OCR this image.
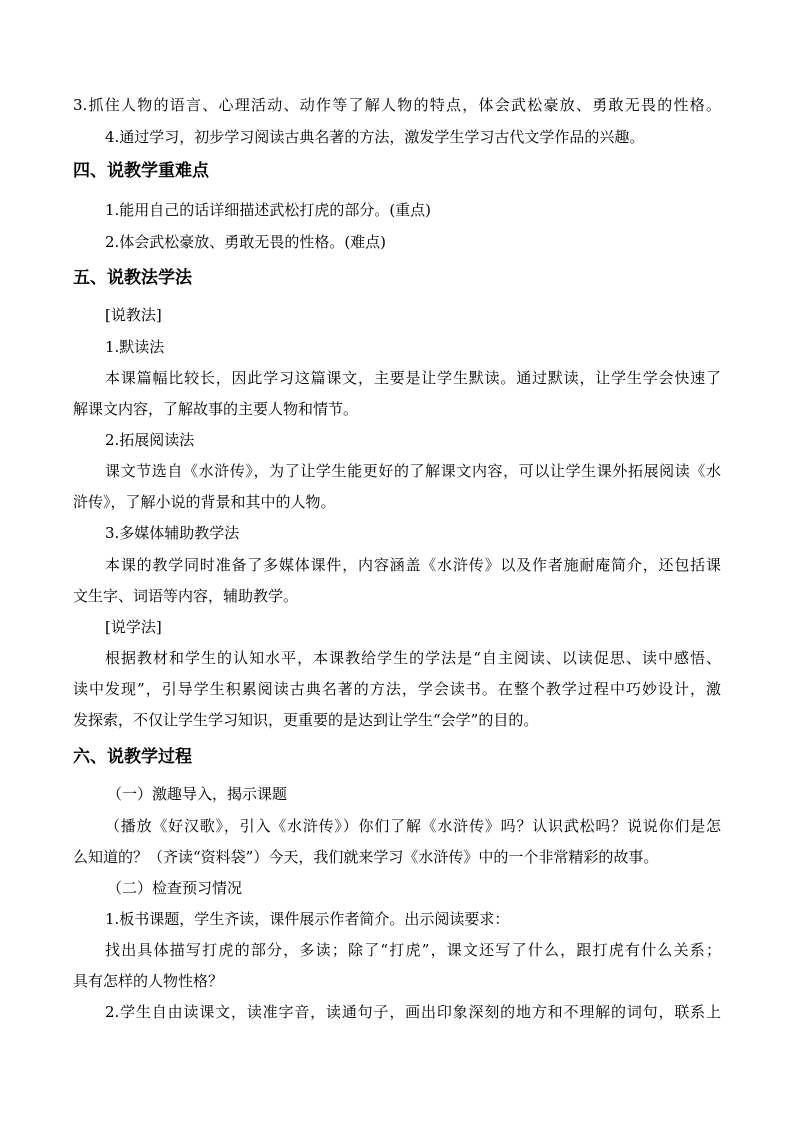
3.抓住人物的语言、心理活动、动作等了解人物的特点，体会武松豪放、勇敢无畏的性格。
4.通过学习，初步学习阅读古典名著的方法，激发学生学习古代文学作品的兴趣。
四、说教学重难点
1.能用自己的话详细描述武松打虎的部分。(重点)
2.体会武松豪放、勇敢无畏的性格。(难点)
五、说教法学法
[说教法]
1.默读法
本课篇幅比较长，因此学习这篇课文，主要是让学生默读。通过默读，让学生学会快速了
解课文内容，了解故事的主要人物和情节。
2.拓展阅读法
课文节选自《水浒传》，为了让学生能更好的了解课文内容，可以让学生课外拓展阅读《水
浒传》，了解小说的背景和其中的人物。
3.多媒体辅助教学法
本课的教学同时准备了多媒体课件，内容涵盖《水浒传》以及作者施耐庵简介，还包括课
文生字、词语等内容，辅助教学。
[说学法]
根据教材和学生的认知水平，本课教给学生的学法是“自主阅读、以读促思、读中感悟、
读中发现”，引导学生积累阅读古典名著的方法，学会读书。在整个教学过程中巧妙设计，激
发探索，不仅让学生学习知识，更重要的是达到让学生“会学”的目的。
六、说教学过程
（一）激趣导入，揭示课题
（播放《好汉歌》，引入《水浒传》）你们了解《水浒传》吗？认识武松吗？说说你们是怎
么知道的？（齐读“资料袋”）今天，我们就来学习《水浒传》中的一个非常精彩的故事。
（二）检查预习情况
1.板书课题，学生齐读，课件展示作者简介。出示阅读要求：
找出具体描写打虎的部分，多读；除了“打虎”，课文还写了什么，跟打虎有什么关系；
具有怎样的人物性格？
2.学生自由读课文，读准字音，读通句子，画出印象深刻的地方和不理解的词句，联系上
